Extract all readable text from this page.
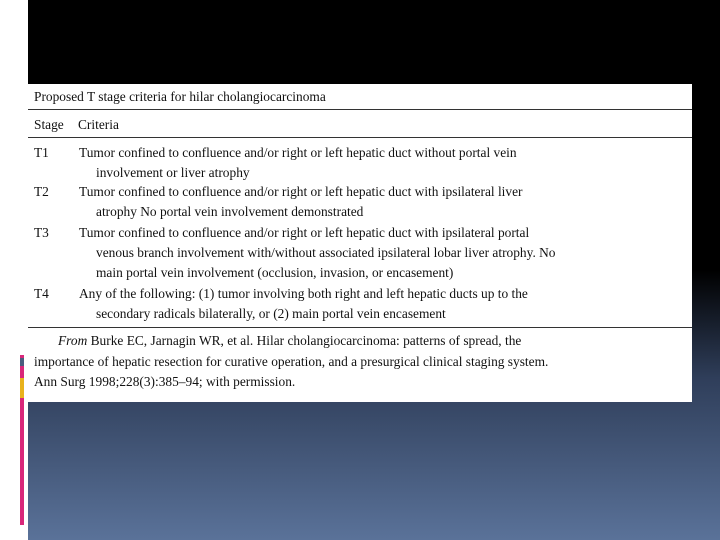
Proposed T stage criteria for hilar cholangiocarcinoma
Stage Criteria
T1 Tumor confined to confluence and/or right or left hepatic duct without portal vein
involvement or liver atrophy
T2 Tumor confined to confluence and/or right or left hepatic duct with ipsilateral liver
atrophy No portal vein involvement demonstrated
T3 Tumor confined to confluence and/or right or left hepatic duct with ipsilateral portal
venous branch involvement with/without associated ipsilateral lobar liver atrophy. No
main portal vein involvement (occlusion, invasion, or encasement)
T4 Any of the following: (1) tumor involving both right and left hepatic ducts up to the
secondary radicals bilaterally, or (2) main portal vein encasement
From Burke EC, Jarnagin WR, et al. Hilar cholangiocarcinoma: patterns of spread, the
importance of hepatic resection for curative operation, and a presurgical clinical staging system.
Ann Surg 1998;228(3):385–94; with permission.
